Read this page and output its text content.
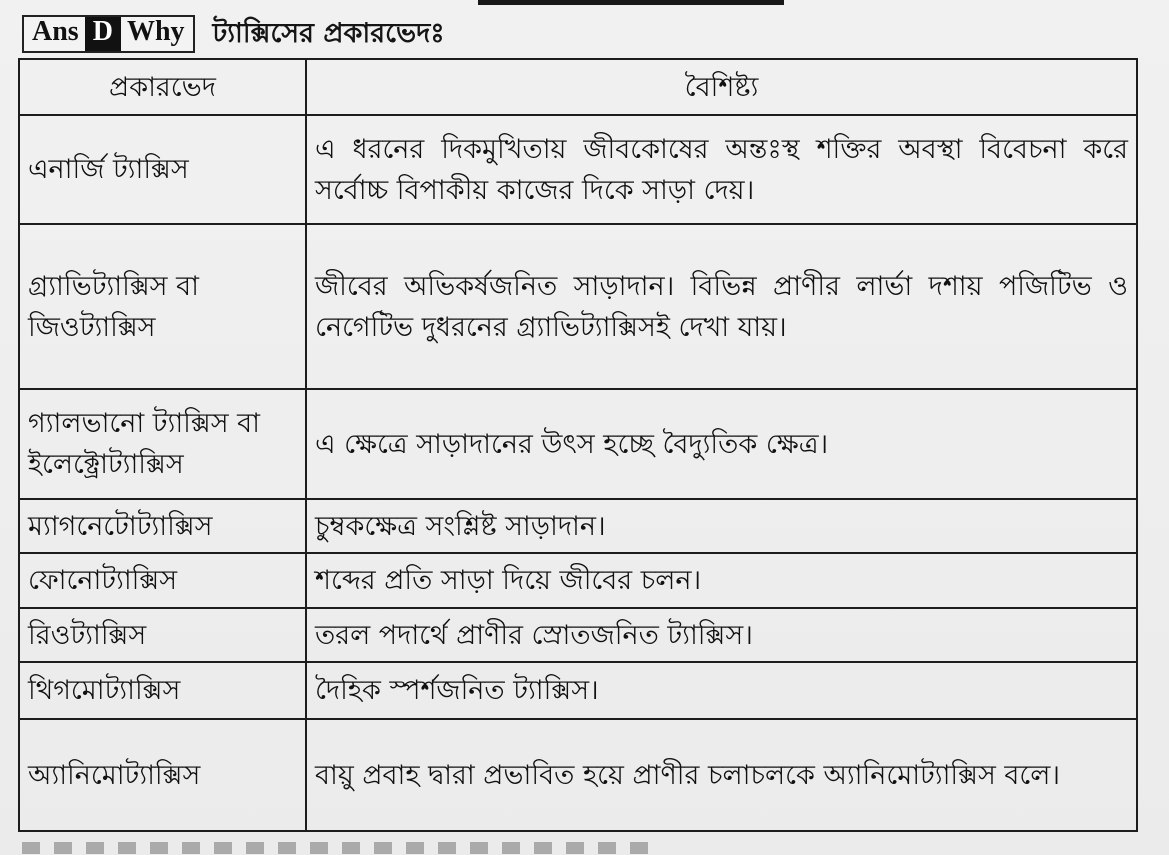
Ans D Why ট্যাক্সিসের প্রকারভেদঃ
প্রকারভেদ	বৈশিষ্ট্য
এনার্জি ট্যাক্সিস	এ ধরনের দিকমুখিতায় জীবকোষের অন্তঃস্থ শক্তির অবস্থা বিবেচনা করে সর্বোচ্চ বিপাকীয় কাজের দিকে সাড়া দেয়।
গ্র্যাভিট্যাক্সিস বা জিওট্যাক্সিস	জীবের অভিকর্ষজনিত সাড়াদান। বিভিন্ন প্রাণীর লার্ভা দশায় পজিটিভ ও নেগেটিভ দুধরনের গ্র্যাভিট্যাক্সিসই দেখা যায়।
গ্যালভানো ট্যাক্সিস বা ইলেক্ট্রোট্যাক্সিস	এ ক্ষেত্রে সাড়াদানের উৎস হচ্ছে বৈদ্যুতিক ক্ষেত্র।
ম্যাগনেটোট্যাক্সিস	চুম্বকক্ষেত্র সংশ্লিষ্ট সাড়াদান।
ফোনোট্যাক্সিস	শব্দের প্রতি সাড়া দিয়ে জীবের চলন।
রিওট্যাক্সিস	তরল পদার্থে প্রাণীর স্রোতজনিত ট্যাক্সিস।
থিগমোট্যাক্সিস	দৈহিক স্পর্শজনিত ট্যাক্সিস।
অ্যানিমোট্যাক্সিস	বায়ু প্রবাহ দ্বারা প্রভাবিত হয়ে প্রাণীর চলাচলকে অ্যানিমোট্যাক্সিস বলে।
